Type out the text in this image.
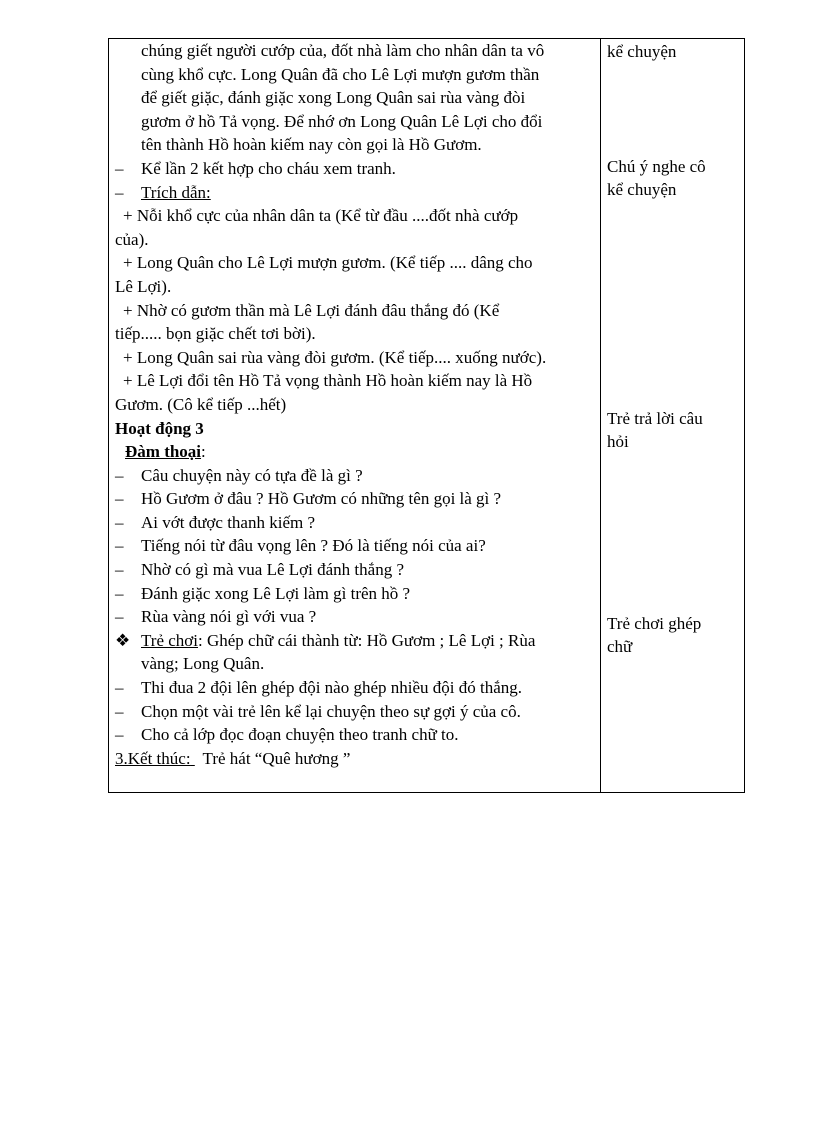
chúng giết người cướp của, đốt nhà làm cho nhân dân ta vô
cùng khổ cực. Long Quân đã cho Lê Lợi mượn gươm thần
để giết giặc, đánh giặc xong Long Quân sai rùa vàng đòi
gươm ở hồ Tả vọng. Để nhớ ơn Long Quân Lê Lợi cho đổi
tên thành Hồ hoàn kiếm nay còn gọi là Hồ Gươm.
– Kể lần 2 kết hợp cho cháu xem tranh.
– Trích dẫn:
+ Nỗi khổ cực của nhân dân ta (Kể từ đầu ....đốt nhà cướp
của).
+ Long Quân cho Lê Lợi mượn gươm. (Kể tiếp .... dâng cho
Lê Lợi).
+ Nhờ có gươm thần mà Lê Lợi đánh đâu thắng đó (Kể
tiếp..... bọn giặc chết tơi bời).
+ Long Quân sai rùa vàng đòi gươm. (Kể tiếp.... xuống nước).
+ Lê Lợi đổi tên Hồ Tả vọng thành Hồ hoàn kiếm nay là Hồ
Gươm. (Cô kể tiếp ...hết)
Hoạt động 3
Đàm thoại:
– Câu chuyện này có tựa đề là gì ?
– Hồ Gươm ở đâu ? Hồ Gươm có những tên gọi là gì ?
– Ai vớt được thanh kiếm ?
– Tiếng nói từ đâu vọng lên ? Đó là tiếng nói của ai?
– Nhờ có gì mà vua Lê Lợi đánh thắng ?
– Đánh giặc xong Lê Lợi làm gì trên hồ ?
– Rùa vàng nói gì với vua ?
❖ Trẻ chơi: Ghép chữ cái thành từ: Hồ Gươm ; Lê Lợi ; Rùa
vàng; Long Quân.
– Thi đua 2 đội lên ghép đội nào ghép nhiều đội đó thắng.
– Chọn một vài trẻ lên kể lại chuyện theo sự gợi ý của cô.
– Cho cả lớp đọc đoạn chuyện theo tranh chữ to.
3.Kết thúc: Trẻ hát “Quê hương ”
kể chuyện
Chú ý nghe cô
kể chuyện
Trẻ trả lời câu
hỏi
Trẻ chơi ghép
chữ
